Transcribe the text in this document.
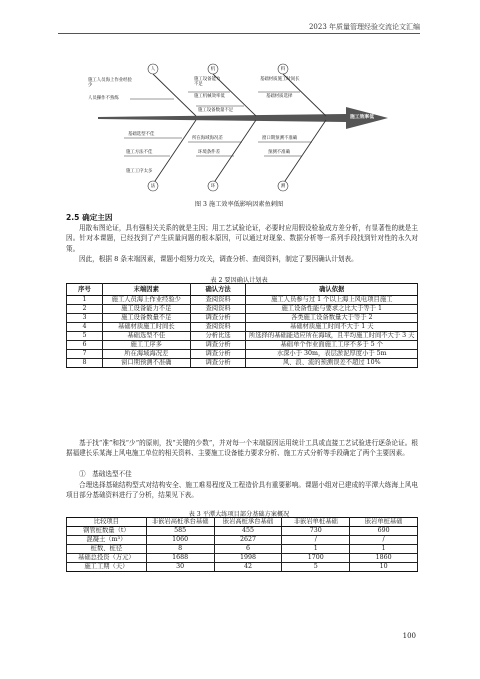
2023 年质量管理经验交流论文汇编
人	机	料
法	环	测
施工效率低
施工人员海上作业经验少
人员操作不熟练
施工设备能力不足
施工机械效率低
施工设备数量不足
基础材质施工时间长
基础材质选择
基础选型不佳
施工方法不佳
施工工序太多
所在海域海况差
环境条件差
窗口期预测不准确
预测不准确
图 3 施工效率低影响因素鱼刺图
2.5 确定主因

用散布图论证，具有强相关关系的就是主因；用工艺试验论证，必要时应用假设检验成方差分析，有显著性的就是主因。针对本课题，已经找到了产生质量问题的根本原因，可以通过对现象、数据分析等一系列手段找到针对性的永久对策。

因此，根据 8 条末端因素，课题小组努力攻关，调查分析、查阅资料，制定了要因确认计划表。

表 2 要因确认计划表
序号	末端因素	确认方法	确认依据
1	施工人员海上作业经验少	查阅资料	施工人员参与过 1 个以上海上风电项目施工
2	施工设备能力不足	查阅资料	施工设备性能与要求之比大于等于 1
3	施工设备数量不足	调查分析	各类施工设备数量大于等于 2
4	基础材质施工时间长	查阅资料	基础材质施工时间不大于 1 天
5	基础选型不佳	分析比选	所选择的基础能适应所在海域，且平均施工时间不大于 3 天
6	施工工序多	调查分析	基础单个作业面施工工序不多于 5 个
7	所在海域海况差	调查分析	水深小于 30m，表层淤泥厚度小于 5m
8	窗口期预测不准确	调查分析	风、浪、流的预测误差不超过 10%

基于找“准”和找“少”的原则，找“关键的少数”，并对每一个末端原因运用统计工具或直接工艺试验进行逐条论证。根据福建长乐某海上风电施工单位的相关资料、主要施工设备能力要求分析、施工方式分析等手段确定了两个主要因素。

①　基础选型不佳

合理选择基础结构型式对结构安全、施工难易程度及工程造价具有重要影响。课题小组对已建成的平潭大练海上风电项目部分基础资料进行了分析，结果见下表。

表 3 平潭大练项目部分基础方案概况
比较项目	非嵌岩高桩承台基础	嵌岩高桩承台基础	非嵌岩单桩基础	嵌岩单桩基础
钢管桩数量（t）	585	455	730	690
混凝土（m³）	1060	2627	/	/
桩数、桩径	8	6	1	1
基础总投资（万元）	1688	1998	1700	1860
施工工期（天）	30	42	5	10
100
